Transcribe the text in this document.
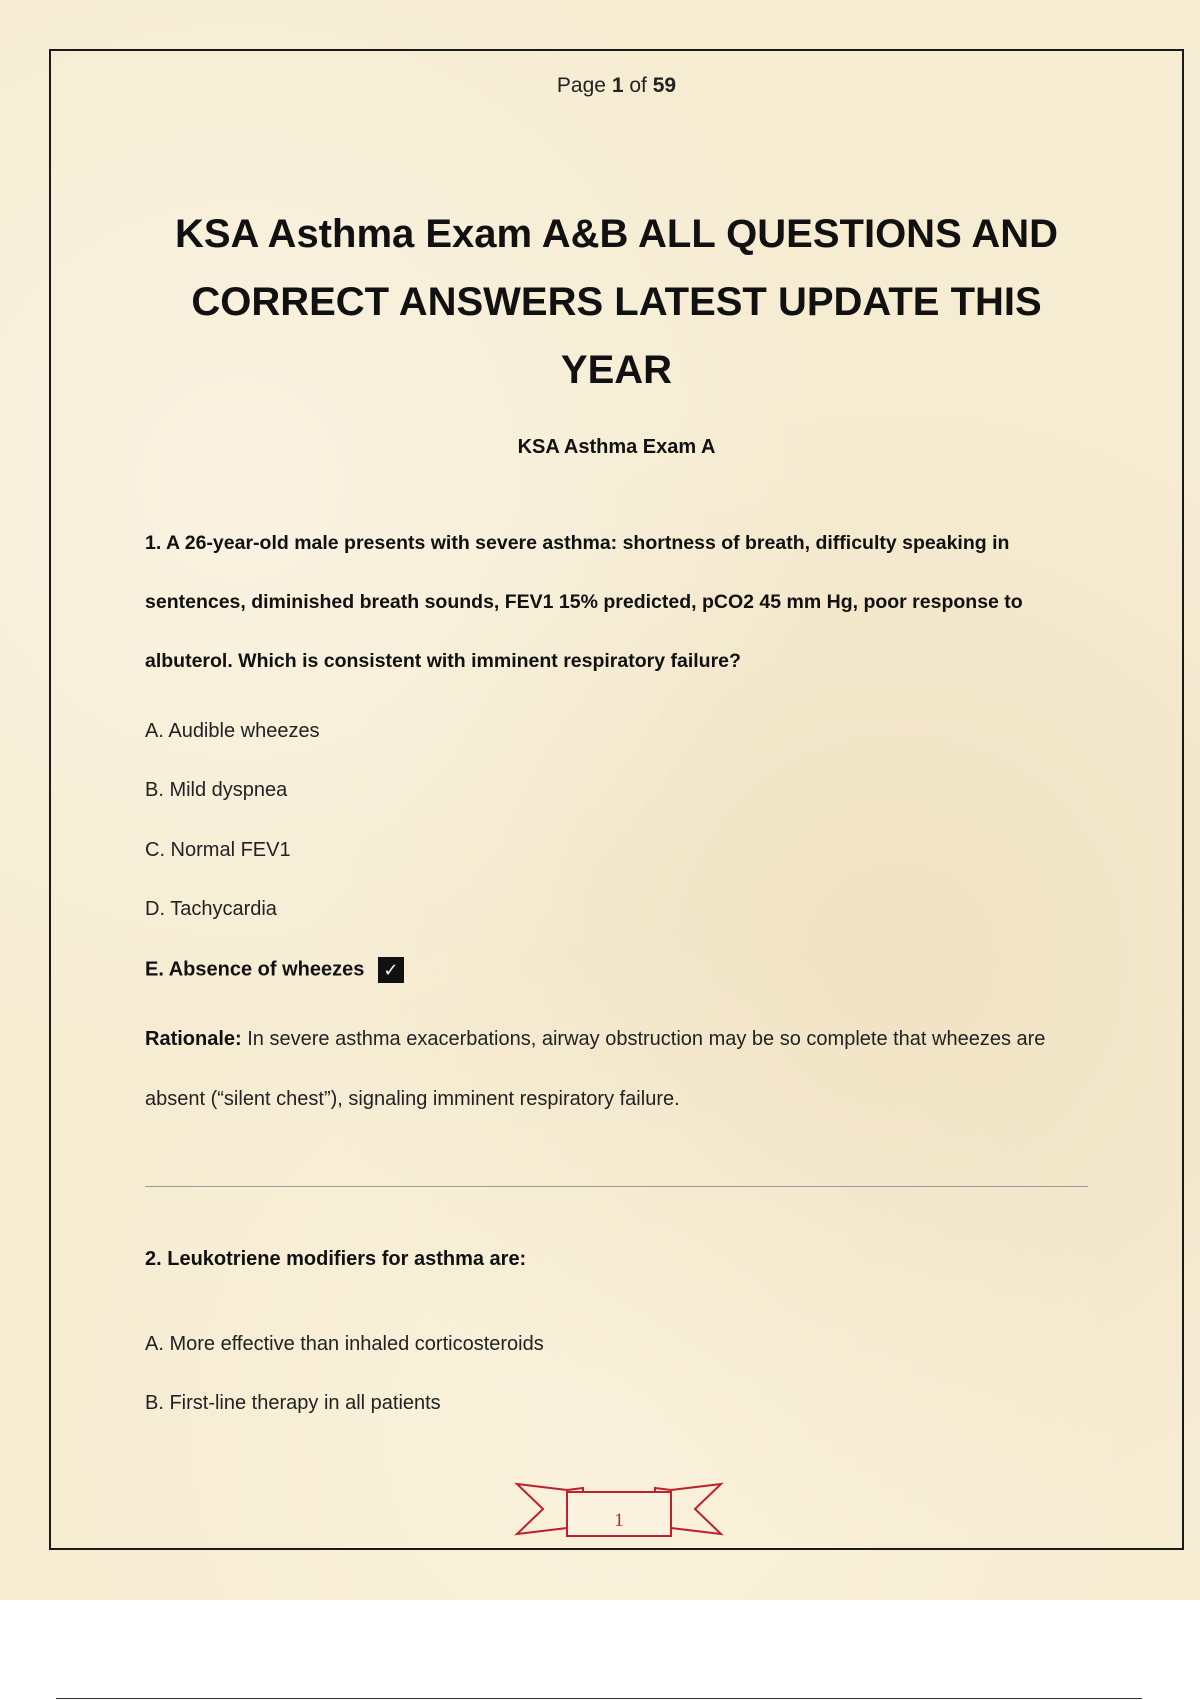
Page 1 of 59
KSA Asthma Exam A&B ALL QUESTIONS AND CORRECT ANSWERS LATEST UPDATE THIS YEAR
KSA Asthma Exam A
1. A 26-year-old male presents with severe asthma: shortness of breath, difficulty speaking in sentences, diminished breath sounds, FEV1 15% predicted, pCO2 45 mm Hg, poor response to albuterol. Which is consistent with imminent respiratory failure?
A. Audible wheezes
B. Mild dyspnea
C. Normal FEV1
D. Tachycardia
E. Absence of wheezes ✓
Rationale: In severe asthma exacerbations, airway obstruction may be so complete that wheezes are absent (“silent chest”), signaling imminent respiratory failure.
2. Leukotriene modifiers for asthma are:
A. More effective than inhaled corticosteroids
B. First-line therapy in all patients
1
